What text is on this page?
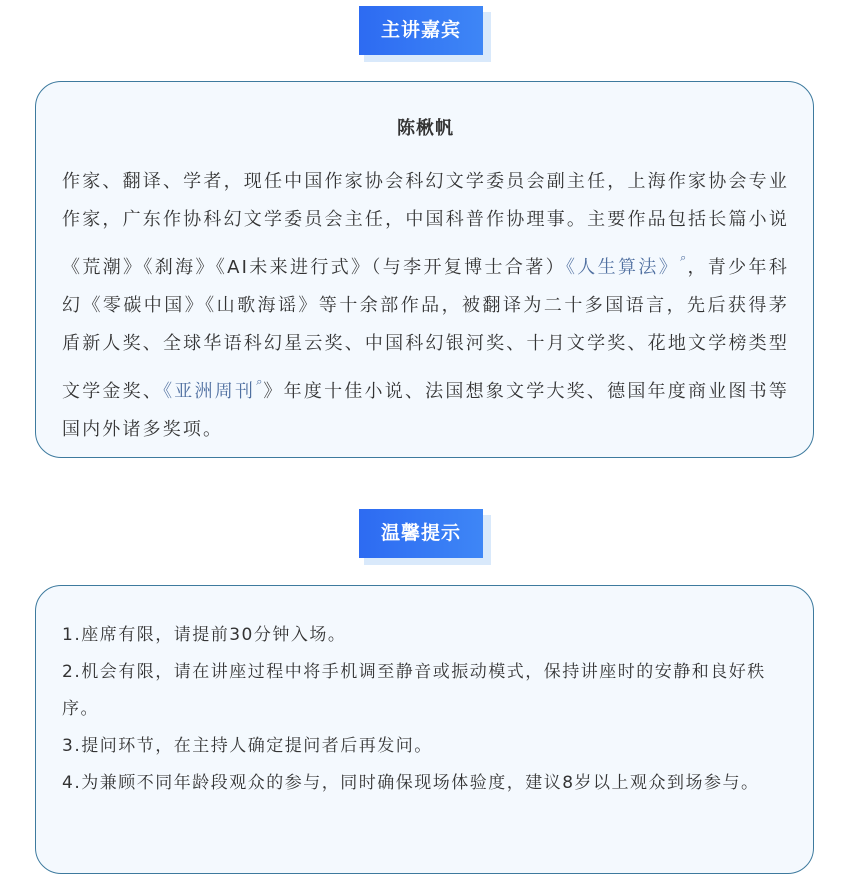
主讲嘉宾
陈楸帆

作家、翻译、学者，现任中国作家协会科幻文学委员会副主任，上海作家协会专业作家，广东作协科幻文学委员会主任，中国科普作协理事。主要作品包括长篇小说《荒潮》《刹海》《AI未来进行式》（与李开复博士合著）《人生算法》⌕，青少年科幻《零碳中国》《山歌海谣》等十余部作品，被翻译为二十多国语言，先后获得茅盾新人奖、全球华语科幻星云奖、中国科幻银河奖、十月文学奖、花地文学榜类型文学金奖、《亚洲周刊⌕》年度十佳小说、法国想象文学大奖、德国年度商业图书等国内外诸多奖项。

温馨提示

1.座席有限，请提前30分钟入场。

2.机会有限，请在讲座过程中将手机调至静音或振动模式，保持讲座时的安静和良好秩序。

3.提问环节，在主持人确定提问者后再发问。

4.为兼顾不同年龄段观众的参与，同时确保现场体验度，建议8岁以上观众到场参与。
